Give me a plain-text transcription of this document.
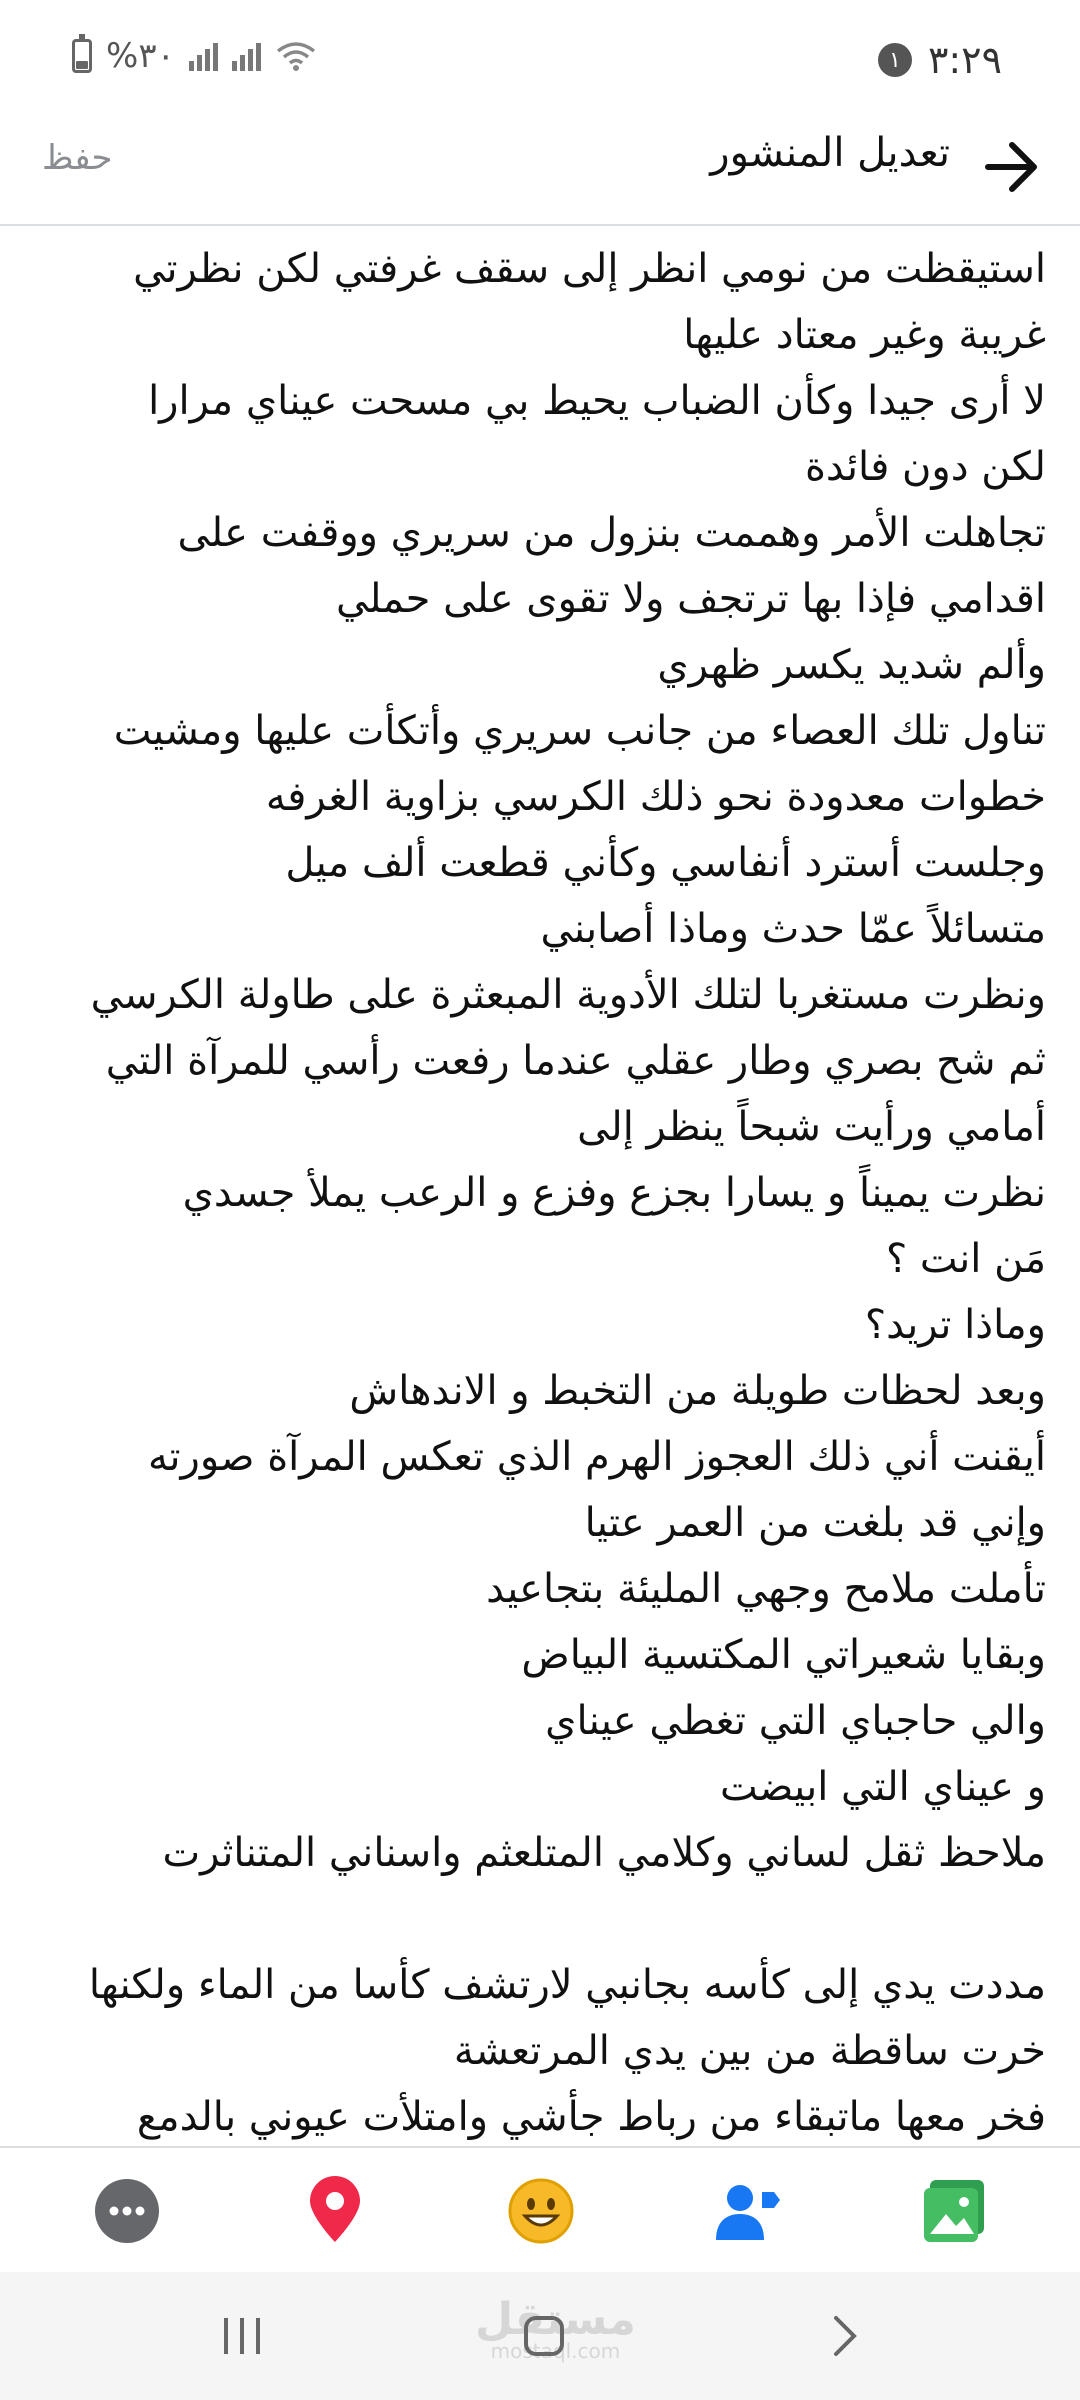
%٣٠	١ ٣:٢٩
تعديل المنشور
حفظ
استيقظت من نومي انظر إلى سقف غرفتي لكن نظرتي
غريبة وغير معتاد عليها
لا أرى جيدا وكأن الضباب يحيط بي مسحت عيناي مرارا
لكن دون فائدة
تجاهلت الأمر وهممت بنزول من سريري ووقفت على
اقدامي فإذا بها ترتجف ولا تقوى على حملي
وألم شديد يكسر ظهري
تناول تلك العصاء من جانب سريري وأتكأت عليها ومشيت
خطوات معدودة نحو ذلك الكرسي بزاوية الغرفه
وجلست أسترد أنفاسي وكأني قطعت ألف ميل
متسائلاً عمّا حدث وماذا أصابني
ونظرت مستغربا لتلك الأدوية المبعثرة على طاولة الكرسي
ثم شح بصري وطار عقلي عندما رفعت رأسي للمرآة التي
أمامي ورأيت شبحاً ينظر إلى
نظرت يميناً و يسارا بجزع وفزع و الرعب يملأ جسدي
مَن انت ؟
وماذا تريد؟
وبعد لحظات طويلة من التخبط و الاندهاش
أيقنت أني ذلك العجوز الهرم الذي تعكس المرآة صورته
وإني قد بلغت من العمر عتيا
تأملت ملامح وجهي المليئة بتجاعيد
وبقايا شعيراتي المكتسية البياض
والي حاجباي التي تغطي عيناي
و عيناي التي ابيضت
ملاحظ ثقل لساني وكلامي المتلعثم واسناني المتناثرت
مددت يدي إلى كأسه بجانبي لارتشف كأسا من الماء ولكنها
خرت ساقطة من بين يدي المرتعشة
فخر معها ماتبقاء من رباط جأشي وامتلأت عيوني بالدمع
مستقل
mostaql.com
